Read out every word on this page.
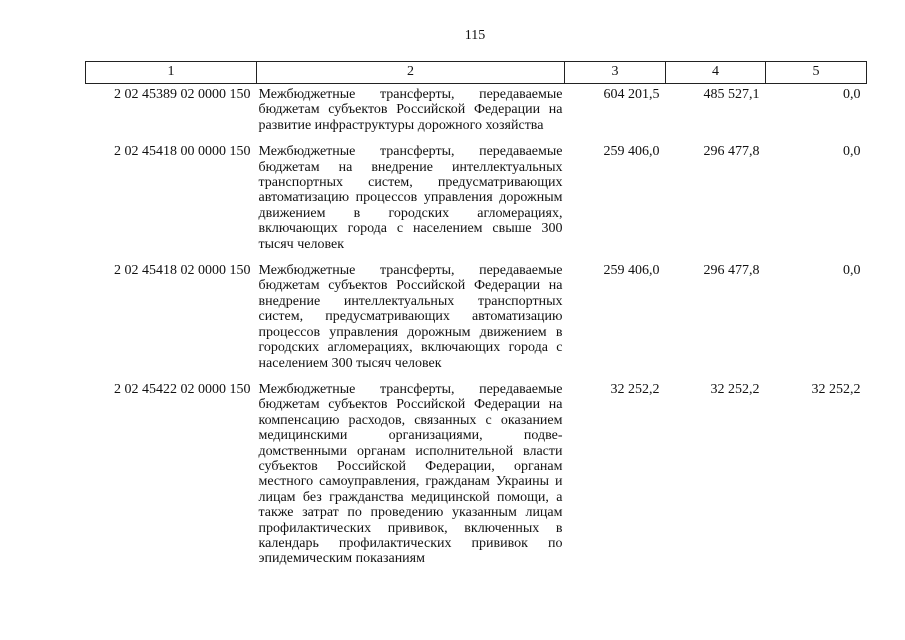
115
1	2	3	4	5
2 02 45389 02 0000 150	Межбюджетные трансферты, передаваемые бюджетам субъектов Российской Федерации на развитие инфраструктуры дорожного хозяйства	604 201,5	485 527,1	0,0
2 02 45418 00 0000 150	Межбюджетные трансферты, передаваемые бюджетам на внедрение интеллектуальных транспортных систем, предусматривающих автоматизацию процессов управления дорожным движением в городских агломерациях, включающих города с населением свыше 300 тысяч человек	259 406,0	296 477,8	0,0
2 02 45418 02 0000 150	Межбюджетные трансферты, передаваемые бюджетам субъектов Российской Федерации на внедрение интеллектуальных транспортных систем, предусматривающих автоматизацию процессов управления дорожным движением в городских агломерациях, включающих города с населением 300 тысяч человек	259 406,0	296 477,8	0,0
2 02 45422 02 0000 150	Межбюджетные трансферты, передаваемые бюджетам субъектов Российской Федерации на компенсацию расходов, связанных с оказанием медицинскими организациями, подведомственными органам исполнительной власти субъектов Российской Федерации, органам местного самоуправления, гражданам Украины и лицам без гражданства медицинской помощи, а также затрат по проведению указанным лицам профилактических прививок, включенных в календарь профилактических прививок по эпидемическим показаниям	32 252,2	32 252,2	32 252,2
